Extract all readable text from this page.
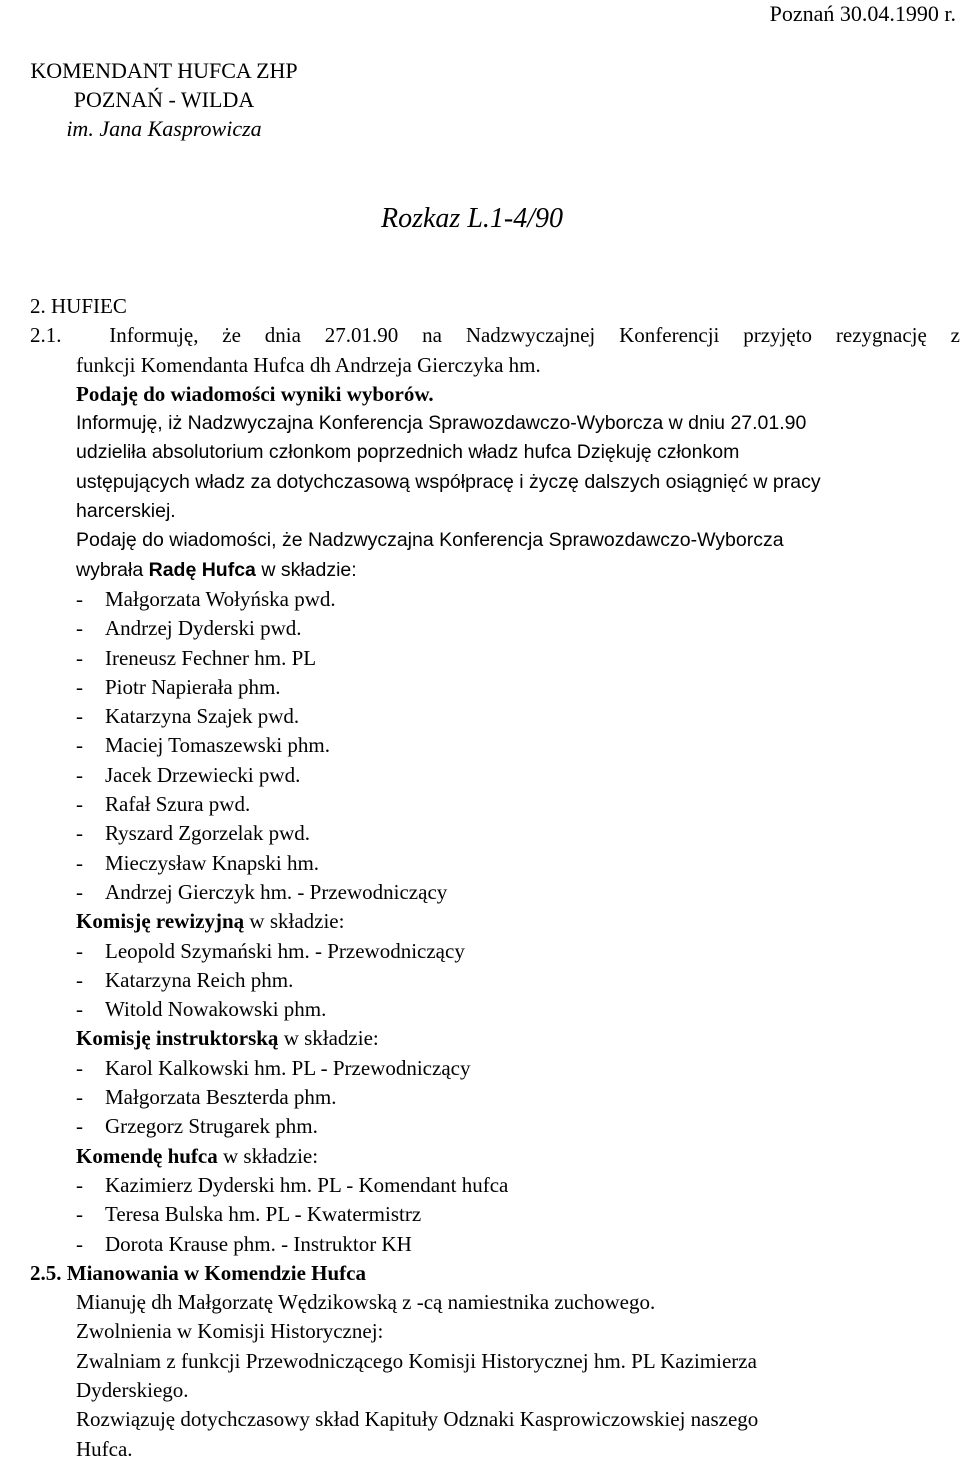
Poznań 30.04.1990 r.
KOMENDANT HUFCA ZHP
POZNAŃ - WILDA
im. Jana Kasprowicza
Rozkaz L.1-4/90

2. HUFIEC

2.1. Informuję, że dnia 27.01.90 na Nadzwyczajnej Konferencji przyjęto rezygnację z

funkcji Komendanta Hufca dh Andrzeja Gierczyka hm.

Podaję do wiadomości wyniki wyborów.

Informuję, iż Nadzwyczajna Konferencja Sprawozdawczo-Wyborcza w dniu 27.01.90

udzieliła absolutorium członkom poprzednich władz hufca Dziękuję członkom

ustępujących władz za dotychczasową współpracę i życzę dalszych osiągnięć w pracy

harcerskiej.

Podaję do wiadomości, że Nadzwyczajna Konferencja Sprawozdawczo-Wyborcza

wybrała Radę Hufca w składzie:

- Małgorzata Wołyńska pwd.

- Andrzej Dyderski pwd.

- Ireneusz Fechner hm. PL

- Piotr Napierała phm.

- Katarzyna Szajek pwd.

- Maciej Tomaszewski phm.

- Jacek Drzewiecki pwd.

- Rafał Szura pwd.

- Ryszard Zgorzelak pwd.

- Mieczysław Knapski hm.

- Andrzej Gierczyk hm. - Przewodniczący

Komisję rewizyjną w składzie:

- Leopold Szymański hm. - Przewodniczący

- Katarzyna Reich phm.

- Witold Nowakowski phm.

Komisję instruktorską w składzie:

- Karol Kalkowski hm. PL - Przewodniczący

- Małgorzata Beszterda phm.

- Grzegorz Strugarek phm.

Komendę hufca w składzie:

- Kazimierz Dyderski hm. PL - Komendant hufca

- Teresa Bulska hm. PL - Kwatermistrz

- Dorota Krause phm. - Instruktor KH

2.5. Mianowania w Komendzie Hufca

Mianuję dh Małgorzatę Wędzikowską z -cą namiestnika zuchowego.

Zwolnienia w Komisji Historycznej:

Zwalniam z funkcji Przewodniczącego Komisji Historycznej hm. PL Kazimierza

Dyderskiego.

Rozwiązuję dotychczasowy skład Kapituły Odznaki Kasprowiczowskiej naszego

Hufca.
